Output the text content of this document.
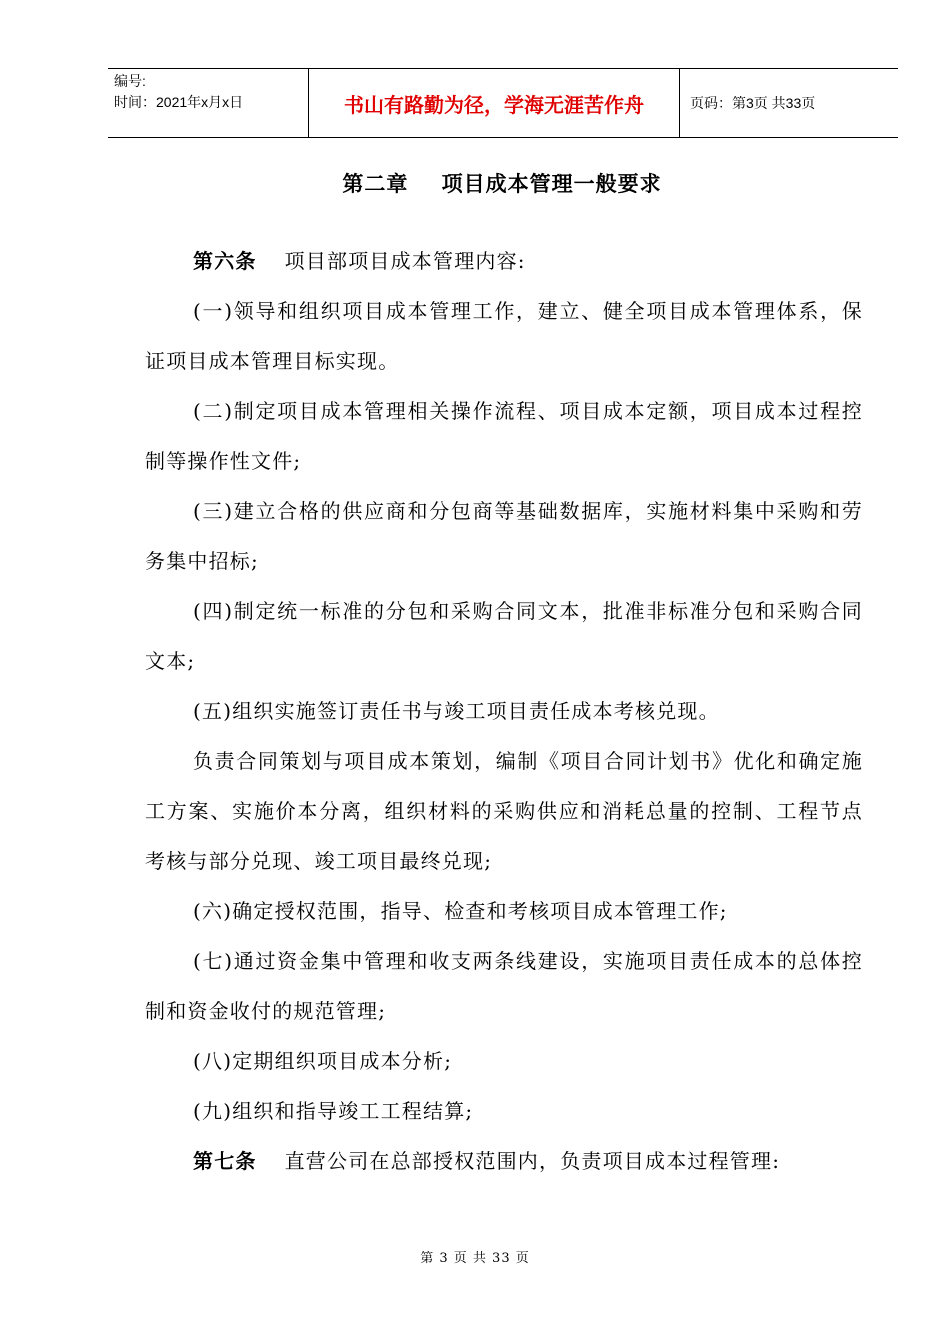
编号:
时间：2021年x月x日	书山有路勤为径，学海无涯苦作舟	页码：第3页 共33页
第二章    项目成本管理一般要求

第六条 项目部项目成本管理内容:

(一)领导和组织项目成本管理工作，建立、健全项目成本管理体系，保证项目成本管理目标实现。

(二)制定项目成本管理相关操作流程、项目成本定额，项目成本过程控制等操作性文件;

(三)建立合格的供应商和分包商等基础数据库，实施材料集中采购和劳务集中招标;

(四)制定统一标准的分包和采购合同文本，批准非标准分包和采购合同文本;

(五)组织实施签订责任书与竣工项目责任成本考核兑现。

负责合同策划与项目成本策划，编制《项目合同计划书》优化和确定施工方案、实施价本分离，组织材料的采购供应和消耗总量的控制、工程节点考核与部分兑现、竣工项目最终兑现;

(六)确定授权范围，指导、检查和考核项目成本管理工作;

(七)通过资金集中管理和收支两条线建设，实施项目责任成本的总体控制和资金收付的规范管理;

(八)定期组织项目成本分析;

(九)组织和指导竣工工程结算;

第七条 直营公司在总部授权范围内，负责项目成本过程管理:

第 3 页 共 33 页
